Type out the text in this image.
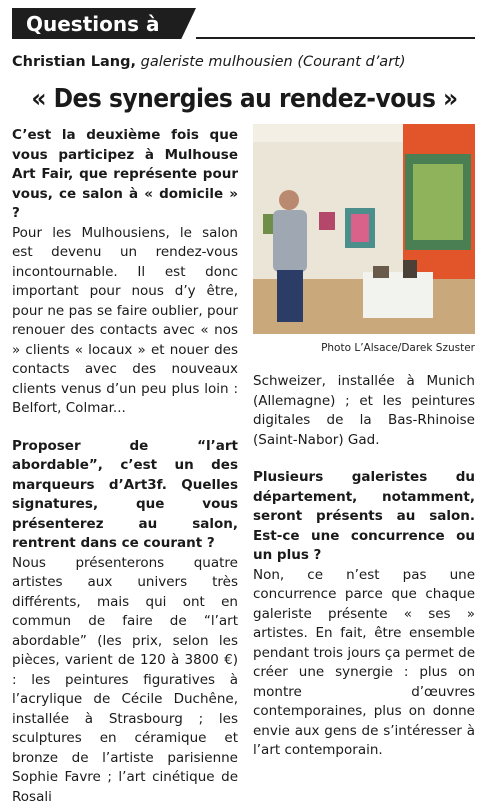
Questions à
Christian Lang, galeriste mulhousien (Courant d’art)
« Des synergies au rendez-vous »

C’est la deuxième fois que vous participez à Mulhouse Art Fair, que représente pour vous, ce salon à « domicile » ?

Pour les Mulhousiens, le salon est devenu un rendez-vous incontournable. Il est donc important pour nous d’y être, pour ne pas se faire oublier, pour renouer des contacts avec « nos » clients « locaux » et nouer des contacts avec des nouveaux clients venus d’un peu plus loin : Belfort, Colmar...

Proposer de “l’art abordable”, c’est un des marqueurs d’Art3f. Quelles signatures, que vous présenterez au salon, rentrent dans ce courant ?

Nous présenterons quatre artistes aux univers très différents, mais qui ont en commun de faire de “l’art abordable” (les prix, selon les pièces, varient de 120 à 3800 €) : les peintures figuratives à l’acrylique de Cécile Duchêne, installée à Strasbourg ; les sculptures en céramique et bronze de l’artiste parisienne Sophie Favre ; l’art cinétique de Rosali

Photo L’Alsace/Darek Szuster

Schweizer, installée à Munich (Allemagne) ; et les peintures digitales de la Bas-Rhinoise (Saint-Nabor) Gad.

Plusieurs galeristes du département, notamment, seront présents au salon. Est-ce une concurrence ou un plus ?

Non, ce n’est pas une concurrence parce que chaque galeriste présente « ses » artistes. En fait, être ensemble pendant trois jours ça permet de créer une synergie : plus on montre d’œuvres contemporaines, plus on donne envie aux gens de s’intéresser à l’art contemporain.
